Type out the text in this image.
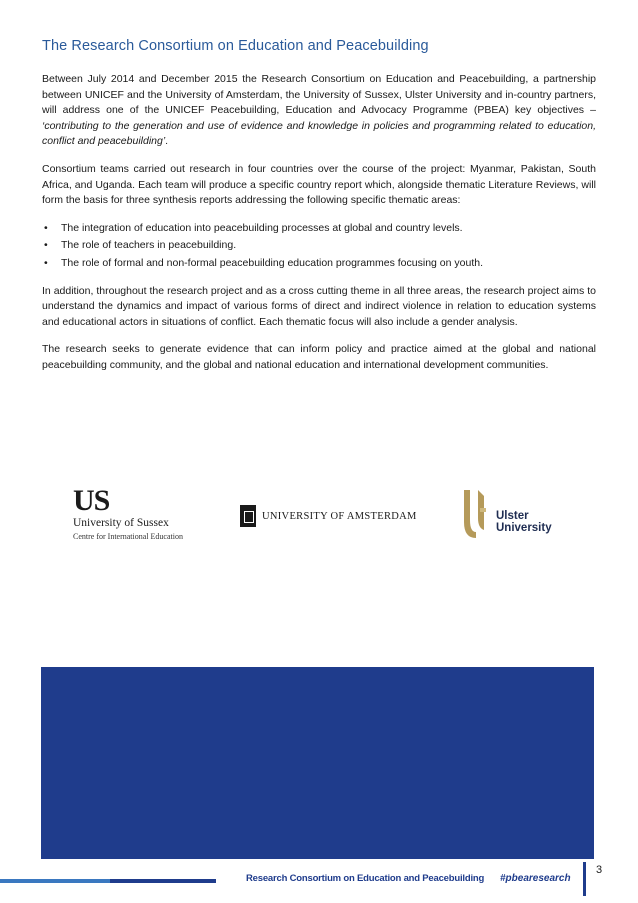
The Research Consortium on Education and Peacebuilding

Between July 2014 and December 2015 the Research Consortium on Education and Peacebuilding, a partnership between UNICEF and the University of Amsterdam, the University of Sussex, Ulster University and in-country partners, will address one of the UNICEF Peacebuilding, Education and Advocacy Programme (PBEA) key objectives – ‘contributing to the generation and use of evidence and knowledge in policies and programming related to education, conflict and peacebuilding’.

Consortium teams carried out research in four countries over the course of the project: Myanmar, Pakistan, South Africa, and Uganda. Each team will produce a specific country report which, alongside thematic Literature Reviews, will form the basis for three synthesis reports addressing the following specific thematic areas:

• The integration of education into peacebuilding processes at global and country levels.
• The role of teachers in peacebuilding.
• The role of formal and non-formal peacebuilding education programmes focusing on youth.

In addition, throughout the research project and as a cross cutting theme in all three areas, the research project aims to understand the dynamics and impact of various forms of direct and indirect violence in relation to education systems and educational actors in situations of conflict. Each thematic focus will also include a gender analysis.

The research seeks to generate evidence that can inform policy and practice aimed at the global and national peacebuilding community, and the global and national education and international development communities.

US
University of Sussex
Centre for International Education
UNIVERSITY OF AMSTERDAM	Ulster
University
Research Consortium on Education and Peacebuilding #pbearesearch
3
